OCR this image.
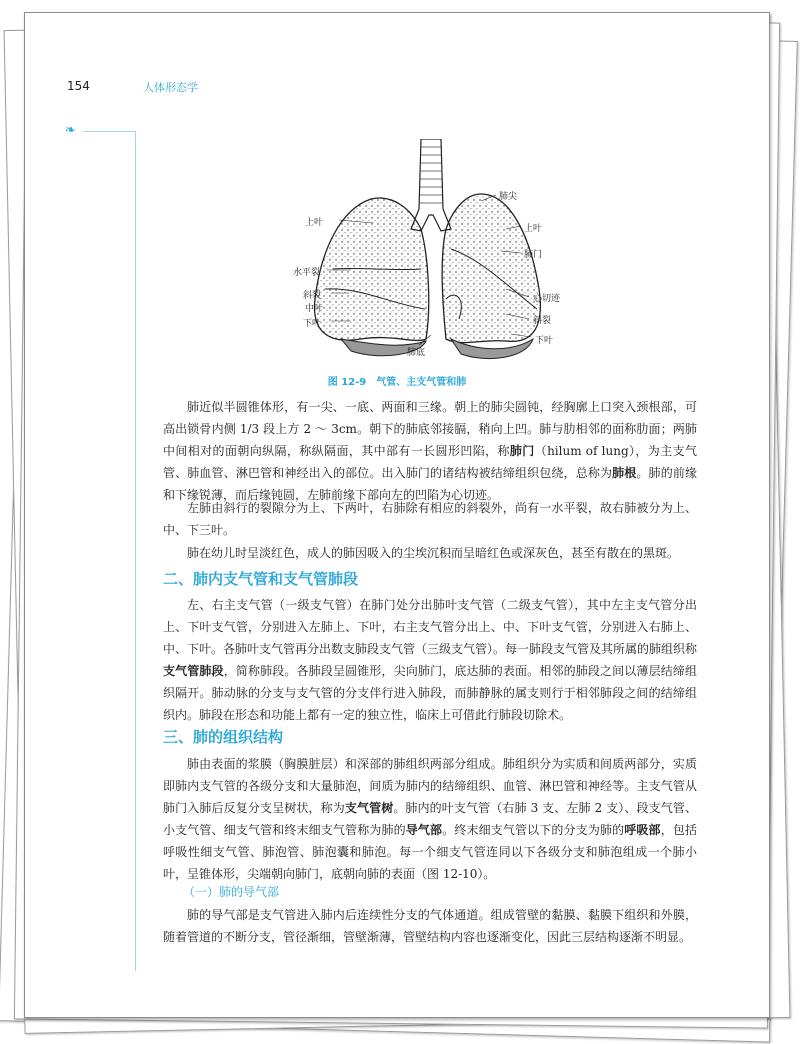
154	人体形态学
❧
上叶
水平裂
斜裂
中叶
下叶
肺尖
上叶
肺门
心切迹
斜裂
下叶
肺底
图 12-9　气管、主支气管和肺
肺近似半圆锥体形，有一尖、一底、两面和三缘。朝上的肺尖圆钝，经胸廓上口突入颈根部，可高出锁骨内侧 1/3 段上方 2 ～ 3cm。朝下的肺底邻接膈，稍向上凹。肺与肋相邻的面称肋面；两肺中间相对的面朝向纵隔，称纵隔面，其中部有一长圆形凹陷，称肺门（hilum of lung），为主支气管、肺血管、淋巴管和神经出入的部位。出入肺门的诸结构被结缔组织包绕，总称为肺根。肺的前缘和下缘锐薄，而后缘钝圆，左肺前缘下部向左的凹陷为心切迹。
左肺由斜行的裂隙分为上、下两叶，右肺除有相应的斜裂外，尚有一水平裂，故右肺被分为上、中、下三叶。
肺在幼儿时呈淡红色，成人的肺因吸入的尘埃沉积而呈暗红色或深灰色，甚至有散在的黑斑。
二、肺内支气管和支气管肺段
左、右主支气管（一级支气管）在肺门处分出肺叶支气管（二级支气管），其中左主支气管分出上、下叶支气管，分别进入左肺上、下叶，右主支气管分出上、中、下叶支气管，分别进入右肺上、中、下叶。各肺叶支气管再分出数支肺段支气管（三级支气管）。每一肺段支气管及其所属的肺组织称支气管肺段，简称肺段。各肺段呈圆锥形，尖向肺门，底达肺的表面。相邻的肺段之间以薄层结缔组织隔开。肺动脉的分支与支气管的分支伴行进入肺段，而肺静脉的属支则行于相邻肺段之间的结缔组织内。肺段在形态和功能上都有一定的独立性，临床上可借此行肺段切除术。
三、肺的组织结构
肺由表面的浆膜（胸膜脏层）和深部的肺组织两部分组成。肺组织分为实质和间质两部分，实质即肺内支气管的各级分支和大量肺泡，间质为肺内的结缔组织、血管、淋巴管和神经等。主支气管从肺门入肺后反复分支呈树状，称为支气管树。肺内的叶支气管（右肺 3 支、左肺 2 支）、段支气管、小支气管、细支气管和终末细支气管称为肺的导气部。终末细支气管以下的分支为肺的呼吸部，包括呼吸性细支气管、肺泡管、肺泡囊和肺泡。每一个细支气管连同以下各级分支和肺泡组成一个肺小叶，呈锥体形，尖端朝向肺门，底朝向肺的表面（图 12-10）。
（一）肺的导气部
肺的导气部是支气管进入肺内后连续性分支的气体通道。组成管壁的黏膜、黏膜下组织和外膜，随着管道的不断分支，管径渐细，管壁渐薄，管壁结构内容也逐渐变化，因此三层结构逐渐不明显。
